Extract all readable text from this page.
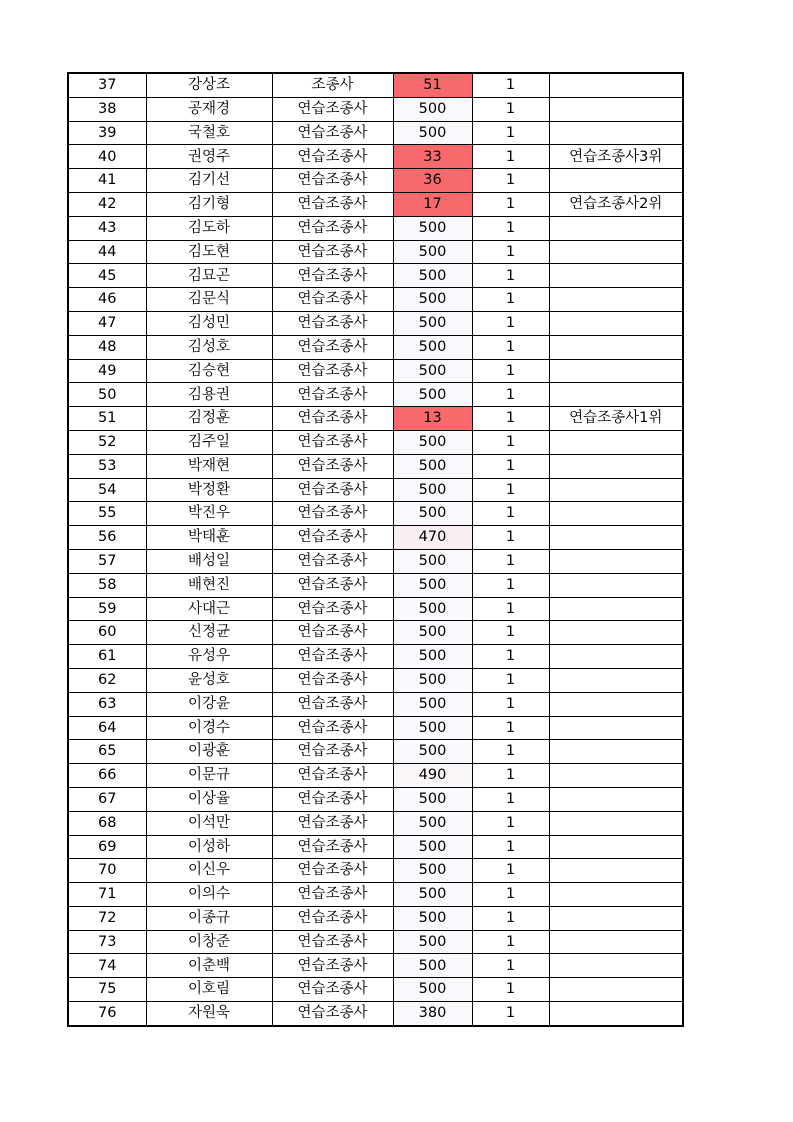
37	강상조	조종사	51	1	
38	공재경	연습조종사	500	1	
39	국철호	연습조종사	500	1	
40	권영주	연습조종사	33	1	연습조종사3위
41	김기선	연습조종사	36	1	
42	김기형	연습조종사	17	1	연습조종사2위
43	김도하	연습조종사	500	1	
44	김도현	연습조종사	500	1	
45	김묘곤	연습조종사	500	1	
46	김문식	연습조종사	500	1	
47	김성민	연습조종사	500	1	
48	김성호	연습조종사	500	1	
49	김승현	연습조종사	500	1	
50	김용권	연습조종사	500	1	
51	김정훈	연습조종사	13	1	연습조종사1위
52	김주일	연습조종사	500	1	
53	박재현	연습조종사	500	1	
54	박정환	연습조종사	500	1	
55	박진우	연습조종사	500	1	
56	박태훈	연습조종사	470	1	
57	배성일	연습조종사	500	1	
58	배현진	연습조종사	500	1	
59	사대근	연습조종사	500	1	
60	신정균	연습조종사	500	1	
61	유성우	연습조종사	500	1	
62	윤성호	연습조종사	500	1	
63	이강윤	연습조종사	500	1	
64	이경수	연습조종사	500	1	
65	이광훈	연습조종사	500	1	
66	이문규	연습조종사	490	1	
67	이상율	연습조종사	500	1	
68	이석만	연습조종사	500	1	
69	이성하	연습조종사	500	1	
70	이신우	연습조종사	500	1	
71	이의수	연습조종사	500	1	
72	이종규	연습조종사	500	1	
73	이창준	연습조종사	500	1	
74	이춘백	연습조종사	500	1	
75	이호림	연습조종사	500	1	
76	자원욱	연습조종사	380	1	
